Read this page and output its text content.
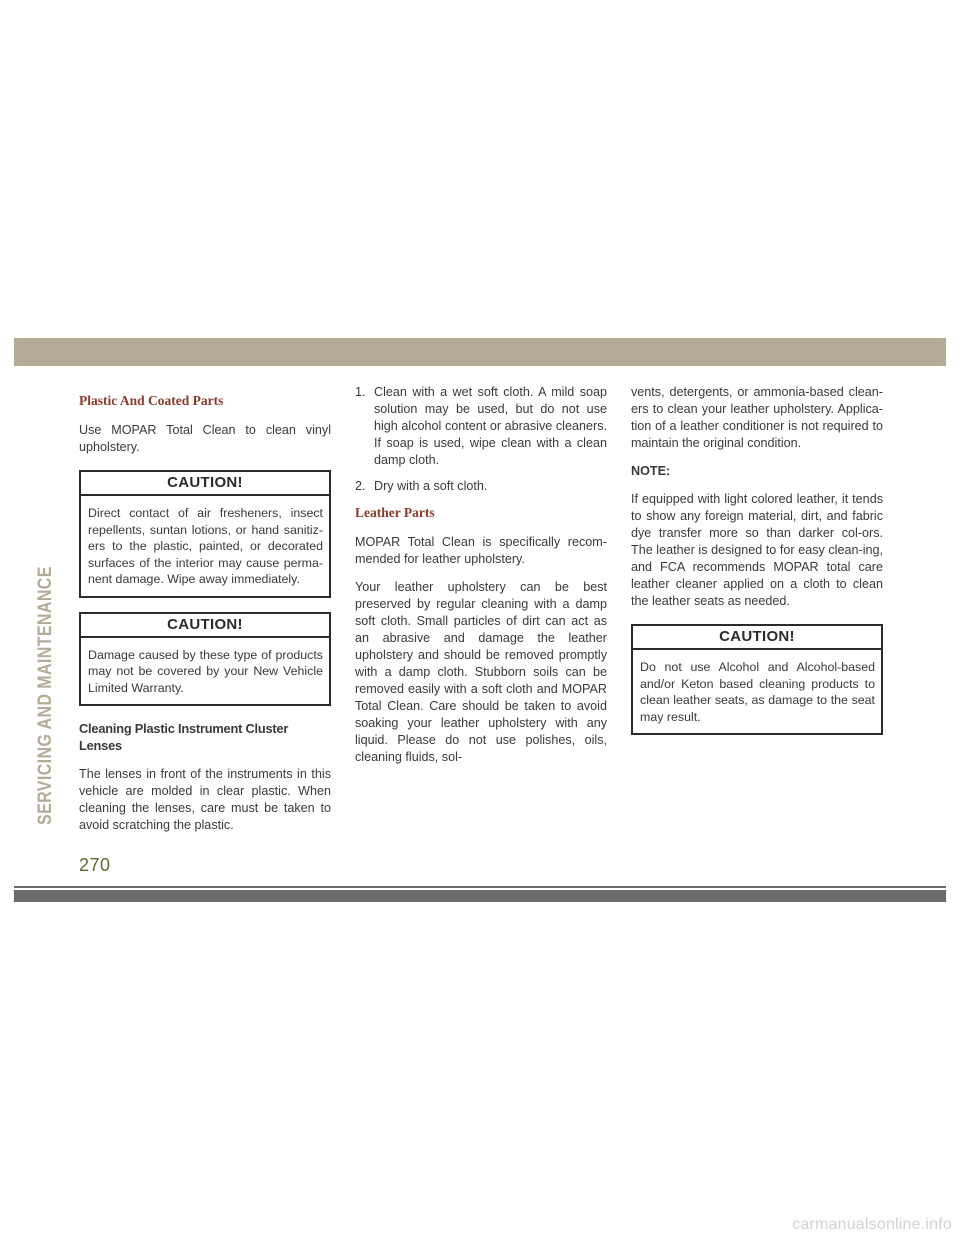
SERVICING AND MAINTENANCE
Plastic And Coated Parts

Use MOPAR Total Clean to clean vinyl upholstery.

CAUTION!
Direct contact of air fresheners, insect repellents, suntan lotions, or hand sanitiz-ers to the plastic, painted, or decorated surfaces of the interior may cause perma-nent damage. Wipe away immediately.
CAUTION!
Damage caused by these type of products may not be covered by your New Vehicle Limited Warranty.
Cleaning Plastic Instrument Cluster Lenses

The lenses in front of the instruments in this vehicle are molded in clear plastic. When cleaning the lenses, care must be taken to avoid scratching the plastic.

1. Clean with a wet soft cloth. A mild soap solution may be used, but do not use high alcohol content or abrasive cleaners. If soap is used, wipe clean with a clean damp cloth.
2. Dry with a soft cloth.
Leather Parts

MOPAR Total Clean is specifically recom-mended for leather upholstery.

Your leather upholstery can be best preserved by regular cleaning with a damp soft cloth. Small particles of dirt can act as an abrasive and damage the leather upholstery and should be removed promptly with a damp cloth. Stubborn soils can be removed easily with a soft cloth and MOPAR Total Clean. Care should be taken to avoid soaking your leather upholstery with any liquid. Please do not use polishes, oils, cleaning fluids, sol-

vents, detergents, or ammonia-based clean-ers to clean your leather upholstery. Applica-tion of a leather conditioner is not required to maintain the original condition.

NOTE:

If equipped with light colored leather, it tends to show any foreign material, dirt, and fabric dye transfer more so than darker col-ors. The leather is designed to for easy clean-ing, and FCA recommends MOPAR total care leather cleaner applied on a cloth to clean the leather seats as needed.

CAUTION!
Do not use Alcohol and Alcohol-based and/or Keton based cleaning products to clean leather seats, as damage to the seat may result.
270
carmanualsonline.info
